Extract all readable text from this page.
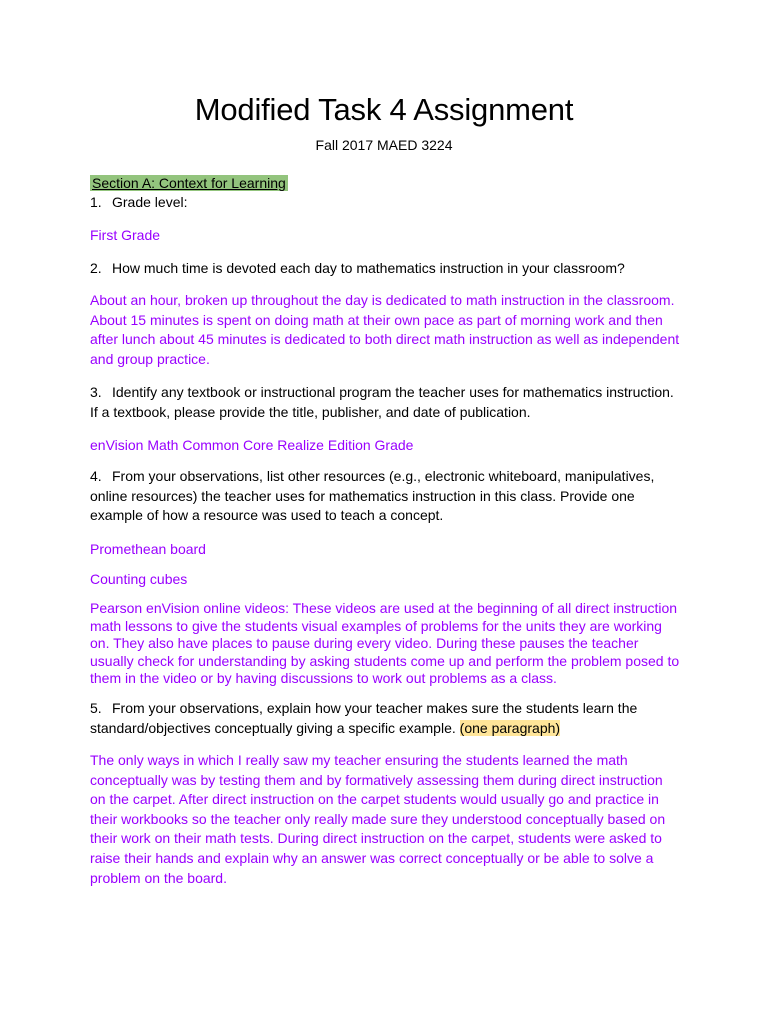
Modified Task 4 Assignment
Fall 2017 MAED 3224

Section A: Context for Learning

1. Grade level:

First Grade

2. How much time is devoted each day to mathematics instruction in your classroom?

About an hour, broken up throughout the day is dedicated to math instruction in the classroom. About 15 minutes is spent on doing math at their own pace as part of morning work and then after lunch about 45 minutes is dedicated to both direct math instruction as well as independent and group practice.

3. Identify any textbook or instructional program the teacher uses for mathematics instruction. If a textbook, please provide the title, publisher, and date of publication.

enVision Math Common Core Realize Edition Grade

4. From your observations, list other resources (e.g., electronic whiteboard, manipulatives, online resources) the teacher uses for mathematics instruction in this class. Provide one example of how a resource was used to teach a concept.

Promethean board

Counting cubes

Pearson enVision online videos: These videos are used at the beginning of all direct instruction math lessons to give the students visual examples of problems for the units they are working on. They also have places to pause during every video. During these pauses the teacher usually check for understanding by asking students come up and perform the problem posed to them in the video or by having discussions to work out problems as a class.

5. From your observations, explain how your teacher makes sure the students learn the standard/objectives conceptually giving a specific example. (one paragraph)

The only ways in which I really saw my teacher ensuring the students learned the math conceptually was by testing them and by formatively assessing them during direct instruction on the carpet. After direct instruction on the carpet students would usually go and practice in their workbooks so the teacher only really made sure they understood conceptually based on their work on their math tests. During direct instruction on the carpet, students were asked to raise their hands and explain why an answer was correct conceptually or be able to solve a problem on the board.
